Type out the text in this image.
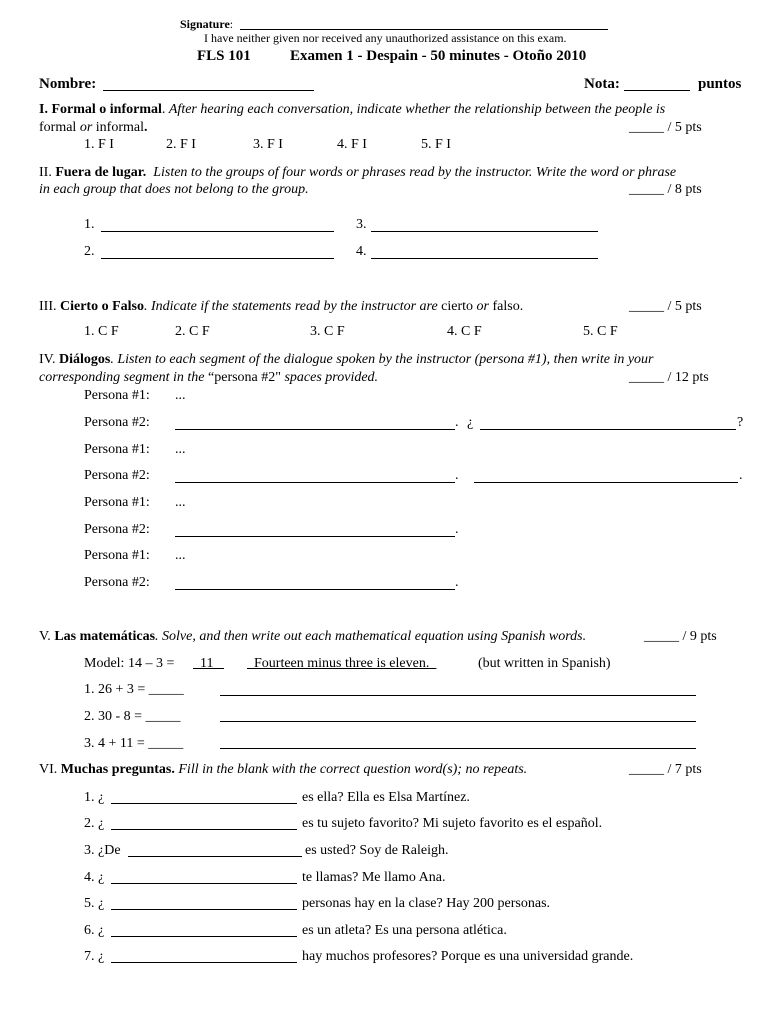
Signature:
I have neither given nor received any unauthorized assistance on this exam.
FLS 101	Examen 1 - Despain - 50 minutes - Otoño 2010
Nombre:	Nota:	puntos
I. Formal o informal. After hearing each conversation, indicate whether the relationship between the people is
formal or informal.	_____ / 5 pts
1. F I	2. F I	3. F I	4. F I	5. F I
II. Fuera de lugar. Listen to the groups of four words or phrases read by the instructor. Write the word or phrase
in each group that does not belong to the group.	_____ / 8 pts
1.	3.
2.	4.
III. Cierto o Falso. Indicate if the statements read by the instructor are cierto or falso.	_____ / 5 pts
1. C F	2. C F	3. C F	4. C F	5. C F
IV. Diálogos. Listen to each segment of the dialogue spoken by the instructor (persona #1), then write in your
corresponding segment in the “persona #2" spaces provided.	_____ / 12 pts
Persona #1: ...
Persona #2:	. ¿	?
Persona #1: ...
Persona #2:	.	.
Persona #1: ...
Persona #2:	.
Persona #1: ...
Persona #2:	.
V. Las matemáticas. Solve, and then write out each mathematical equation using Spanish words.	_____ / 9 pts
Model: 14 – 3 =	11	Fourteen minus three is eleven.	(but written in Spanish)
1. 26 + 3 = _____
2. 30 - 8 = _____
3. 4 + 11 = _____
VI. Muchas preguntas. Fill in the blank with the correct question word(s); no repeats.	_____ / 7 pts
1. ¿	es ella? Ella es Elsa Martínez.
2. ¿	es tu sujeto favorito? Mi sujeto favorito es el español.
3. ¿De	es usted? Soy de Raleigh.
4. ¿	te llamas? Me llamo Ana.
5. ¿	personas hay en la clase? Hay 200 personas.
6. ¿	es un atleta? Es una persona atlética.
7. ¿	hay muchos profesores? Porque es una universidad grande.
